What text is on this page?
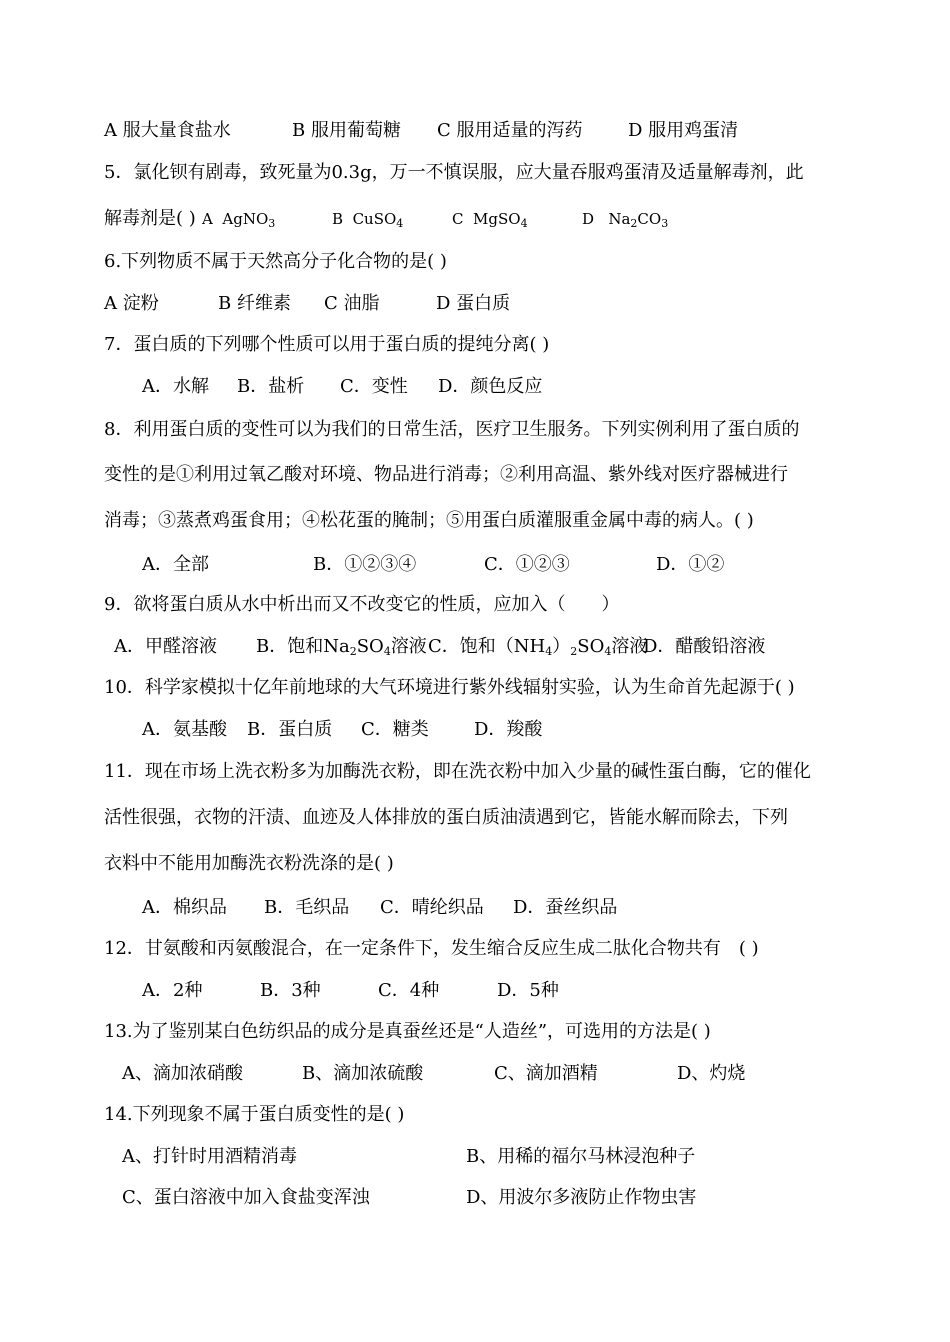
A 服大量食盐水	B 服用葡萄糖 C 服用适量的泻药	D 服用鸡蛋清
5．氯化钡有剧毒，致死量为0.3g，万一不慎误服，应大量吞服鸡蛋清及适量解毒剂，此
解毒剂是( ) A AgNO$_3$	B CuSO$_4$	C MgSO$_4$	D $Na_2CO_3$
6.下列物质不属于天然高分子化合物的是( )
A 淀粉	B 纤维素 C 油脂	D 蛋白质
7．蛋白质的下列哪个性质可以用于蛋白质的提纯分离( )
A．水解 B．盐析 C．变性 D．颜色反应
8．利用蛋白质的变性可以为我们的日常生活，医疗卫生服务。下列实例利用了蛋白质的
变性的是①利用过氧乙酸对环境、物品进行消毒；②利用高温、紫外线对医疗器械进行
消毒；③蒸煮鸡蛋食用；④松花蛋的腌制；⑤用蛋白质灌服重金属中毒的病人。( )
A．全部	B．①②③④	C．①②③	D．①②
9．欲将蛋白质从水中析出而又不改变它的性质，应加入（　　）
A．甲醛溶液 B．饱和$Na_2SO_4$溶液 C．饱和$(NH_4)_2SO_4$溶液
D．醋酸铅溶液
10．科学家模拟十亿年前地球的大气环境进行紫外线辐射实验，认为生命首先起源于( )
A．氨基酸 B．蛋白质 C．糖类	D．羧酸
11．现在市场上洗衣粉多为加酶洗衣粉，即在洗衣粉中加入少量的碱性蛋白酶，它的催化
活性很强，衣物的汗渍、血迹及人体排放的蛋白质油渍遇到它，皆能水解而除去，下列
衣料中不能用加酶洗衣粉洗涤的是( )
A．棉织品 B．毛织品 C．晴纶织品 D．蚕丝织品
12．甘氨酸和丙氨酸混合，在一定条件下，发生缩合反应生成二肽化合物共有　( )
A．2种	B．3种	C．4种	D．5种
13.为了鉴别某白色纺织品的成分是真蚕丝还是“人造丝”，可选用的方法是( )
A、滴加浓硝酸	B、滴加浓硫酸	C、滴加酒精	D、灼烧
14.下列现象不属于蛋白质变性的是( )
A、打针时用酒精消毒	B、用稀的福尔马林浸泡种子
C、蛋白溶液中加入食盐变浑浊	D、用波尔多液防止作物虫害
